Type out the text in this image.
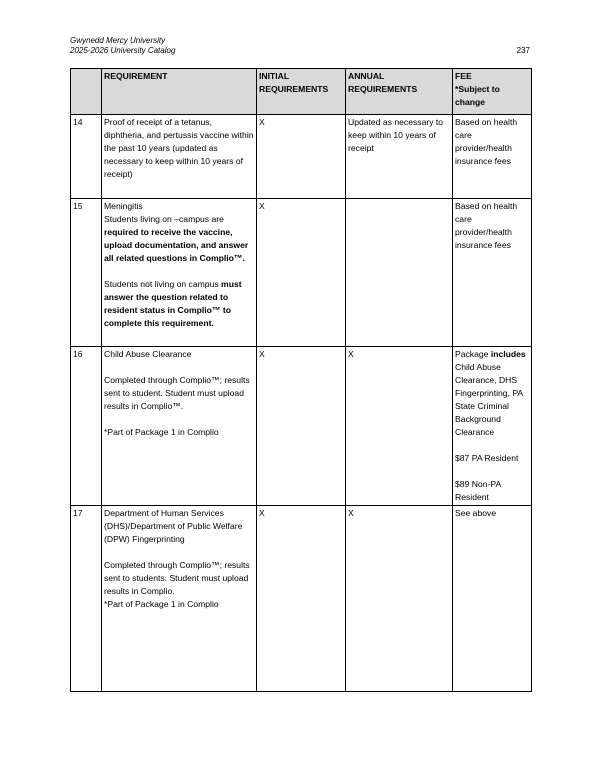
Gwynedd Mercy University
2025-2026 University Catalog	237
	REQUIREMENT	INITIAL REQUIREMENTS	ANNUAL REQUIREMENTS	FEE
*Subject to change

14	Proof of receipt of a tetanus, diphtheria, and pertussis vaccine within the past 10 years (updated as necessary to keep within 10 years of receipt)	X	Updated as necessary to keep within 10 years of receipt	Based on health care provider/health insurance fees
15	Meningitis
Students living on –campus are required to receive the vaccine, upload documentation, and answer all related questions in Complio™.
Students not living on campus must answer the question related to resident status in Complio™ to complete this requirement.	X		Based on health care provider/health insurance fees
16	Child Abuse Clearance
Completed through Complio™; results sent to student. Student must upload results in Complio™.
*Part of Package 1 in Complio	X	X	Package includes Child Abuse Clearance, DHS Fingerprinting, PA State Criminal Background Clearance
$87 PA Resident
$89 Non-PA Resident

17	Department of Human Services (DHS)/Department of Public Welfare (DPW) Fingerprinting
Completed through Complio™; results sent to students. Student must upload results in Complio.
*Part of Package 1 in Complio	X	X	See above
